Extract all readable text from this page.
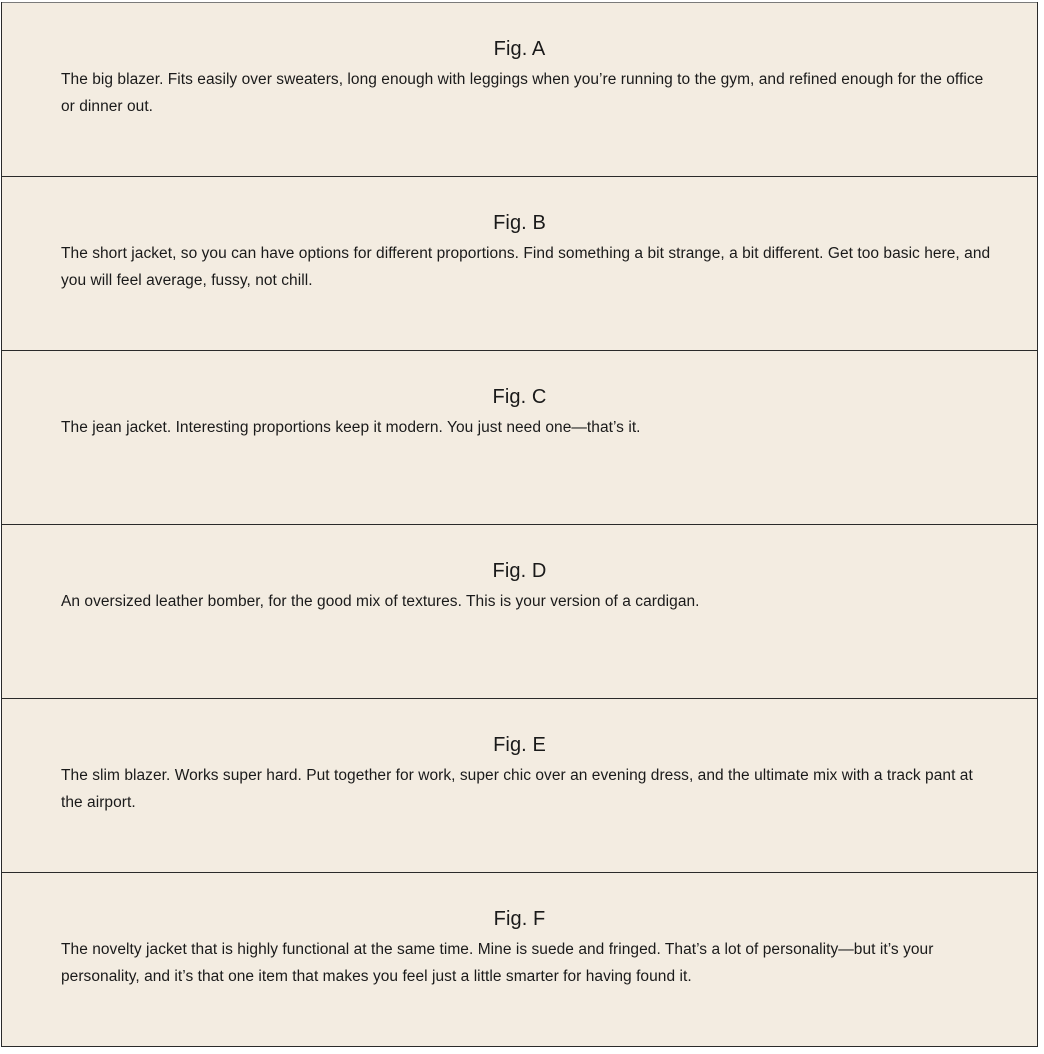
Fig. A
The big blazer. Fits easily over sweaters, long enough with leggings when you’re running to the gym, and refined enough for the office or dinner out.
Fig. B
The short jacket, so you can have options for different proportions. Find something a bit strange, a bit different. Get too basic here, and you will feel average, fussy, not chill.
Fig. C
The jean jacket. Interesting proportions keep it modern. You just need one—that’s it.
Fig. D
An oversized leather bomber, for the good mix of textures. This is your version of a cardigan.
Fig. E
The slim blazer. Works super hard. Put together for work, super chic over an evening dress, and the ultimate mix with a track pant at the airport.
Fig. F
The novelty jacket that is highly functional at the same time. Mine is suede and fringed. That’s a lot of personality—but it’s your personality, and it’s that one item that makes you feel just a little smarter for having found it.
